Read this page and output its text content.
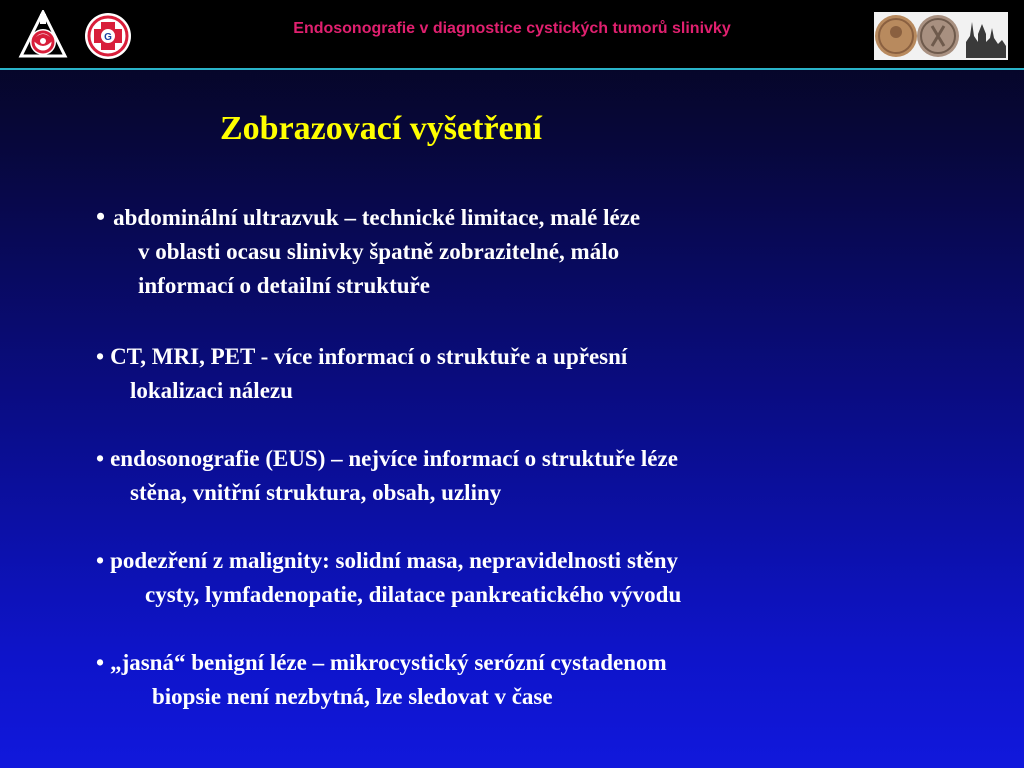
G
Endosonografie v diagnostice cystických tumorů slinivky
Zobrazovací vyšetření
• abdominální ultrazvuk – technické limitace, malé léze
v oblasti ocasu slinivky špatně zobrazitelné, málo
informací o detailní struktuře
• CT, MRI, PET - více informací o struktuře a upřesní
lokalizaci nálezu
• endosonografie (EUS) – nejvíce informací o struktuře léze
stěna, vnitřní struktura, obsah, uzliny
• podezření z malignity: solidní masa, nepravidelnosti stěny
cysty, lymfadenopatie, dilatace pankreatického vývodu
• „jasná“ benigní léze – mikrocystický serózní cystadenom
biopsie není nezbytná, lze sledovat v čase
